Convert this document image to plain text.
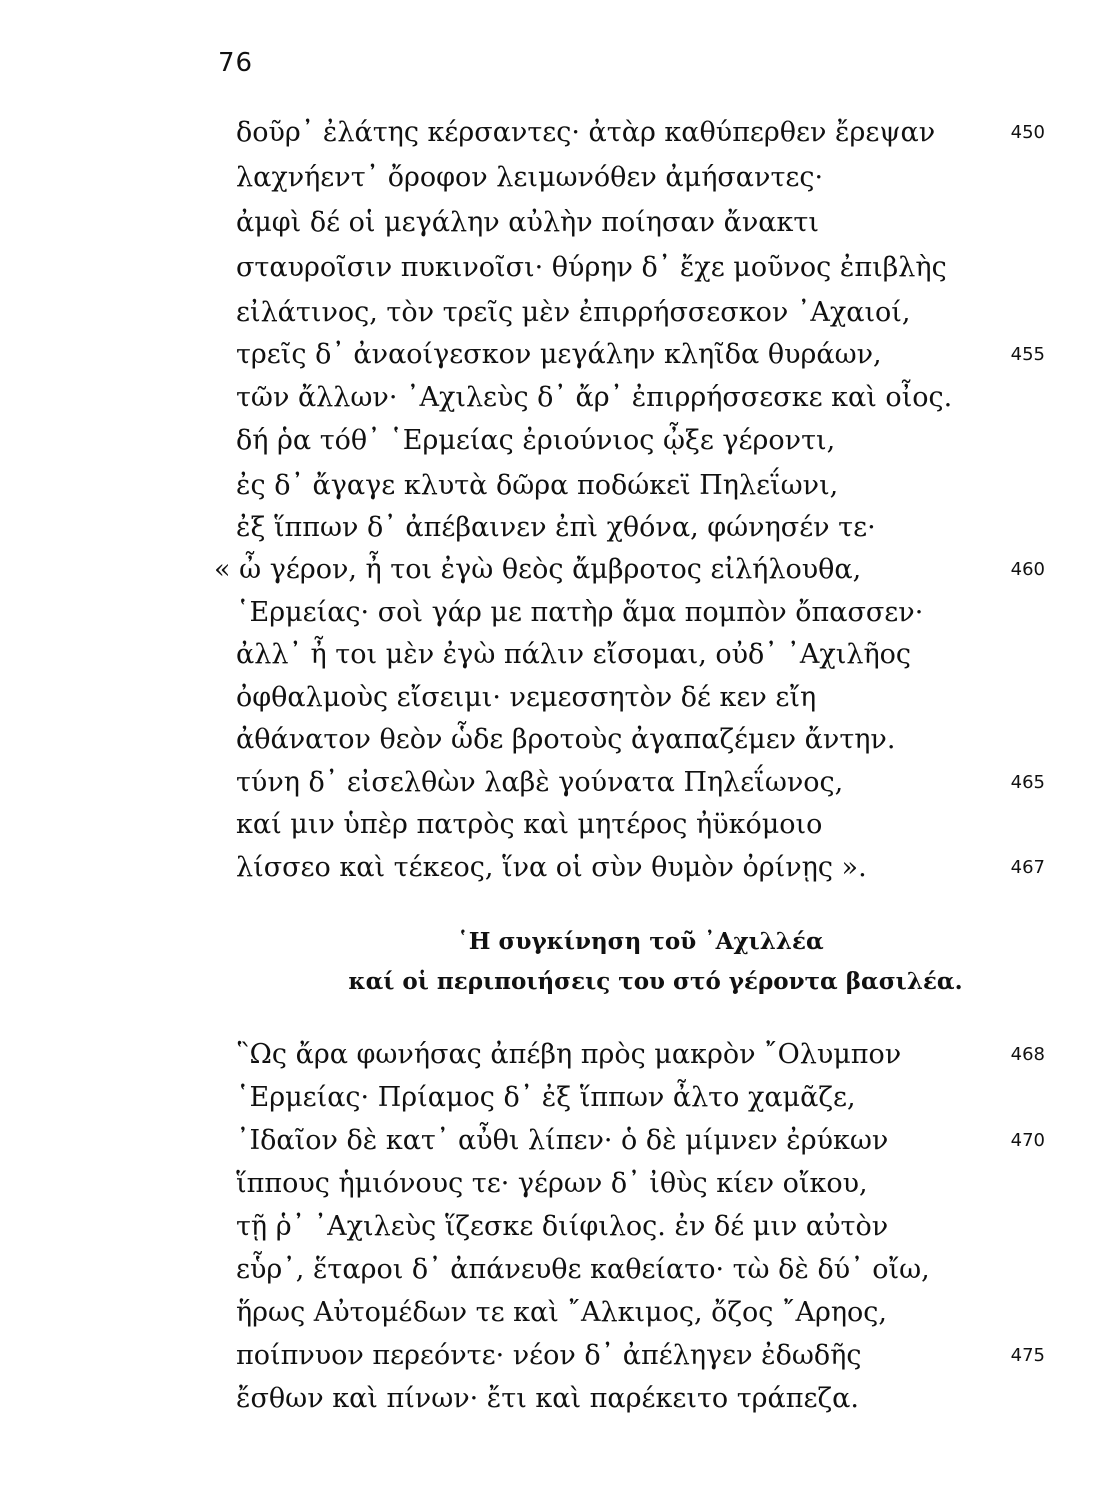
76
δοῦρ᾽ ἐλάτης κέρσαντες· ἀτὰρ καθύπερθεν ἔρεψαν	450
λαχνήεντ᾽ ὄροφον λειμωνόθεν ἀμήσαντες·
ἀμφὶ δέ οἱ μεγάλην αὐλὴν ποίησαν ἄνακτι
σταυροῖσιν πυκινοῖσι· θύρην δ᾽ ἔχε μοῦνος ἐπιβλὴς
εἰλάτινος, τὸν τρεῖς μὲν ἐπιρρήσσεσκον ᾽Αχαιοί,
τρεῖς δ᾽ ἀναοίγεσκον μεγάλην κληῖδα θυράων,	455
τῶν ἄλλων· ᾽Αχιλεὺς δ᾽ ἄρ᾽ ἐπιρρήσσεσκε καὶ οἶος.
δή ῥα τόθ᾽ ῾Ερμείας ἐριούνιος ᾦξε γέροντι,
ἐς δ᾽ ἄγαγε κλυτὰ δῶρα ποδώκεϊ Πηλεΐωνι,
ἐξ ἵππων δ᾽ ἀπέβαινεν ἐπὶ χθόνα, φώνησέν τε·
« ὦ γέρον, ἦ τοι ἐγὼ θεὸς ἄμβροτος εἰλήλουθα,	460
῾Ερμείας· σοὶ γάρ με πατὴρ ἅμα πομπὸν ὄπασσεν·
ἀλλ᾽ ἦ τοι μὲν ἐγὼ πάλιν εἴσομαι, οὐδ᾽ ᾽Αχιλῆος
ὀφθαλμοὺς εἴσειμι· νεμεσσητὸν δέ κεν εἴη
ἀθάνατον θεὸν ὧδε βροτοὺς ἀγαπαζέμεν ἄντην.
τύνη δ᾽ εἰσελθὼν λαβὲ γούνατα Πηλεΐωνος,	465
καί μιν ὑπὲρ πατρὸς καὶ μητέρος ἠϋκόμοιο
λίσσεο καὶ τέκεος, ἵνα οἱ σὺν θυμὸν ὀρίνῃς ».	467
῾Η συγκίνηση τοῦ ᾽Αχιλλέα
καί οἱ περιποιήσεις του στό γέροντα βασιλέα.
῝Ως ἄρα φωνήσας ἀπέβη πρὸς μακρὸν ῎Ολυμπον	468
῾Ερμείας· Πρίαμος δ᾽ ἐξ ἵππων ἆλτο χαμᾶζε,
᾽Ιδαῖον δὲ κατ᾽ αὖθι λίπεν· ὁ δὲ μίμνεν ἐρύκων	470
ἵππους ἡμιόνους τε· γέρων δ᾽ ἰθὺς κίεν οἴκου,
τῇ ῥ᾽ ᾽Αχιλεὺς ἵζεσκε διίφιλος. ἐν δέ μιν αὐτὸν
εὗρ᾽, ἕταροι δ᾽ ἀπάνευθε καθείατο· τὼ δὲ δύ᾽ οἴω,
ἥρως Αὐτομέδων τε καὶ ῎Αλκιμος, ὄζος ῎Αρηος,
ποίπνυον περεόντε· νέον δ᾽ ἀπέληγεν ἐδωδῆς	475
ἔσθων καὶ πίνων· ἔτι καὶ παρέκειτο τράπεζα.
